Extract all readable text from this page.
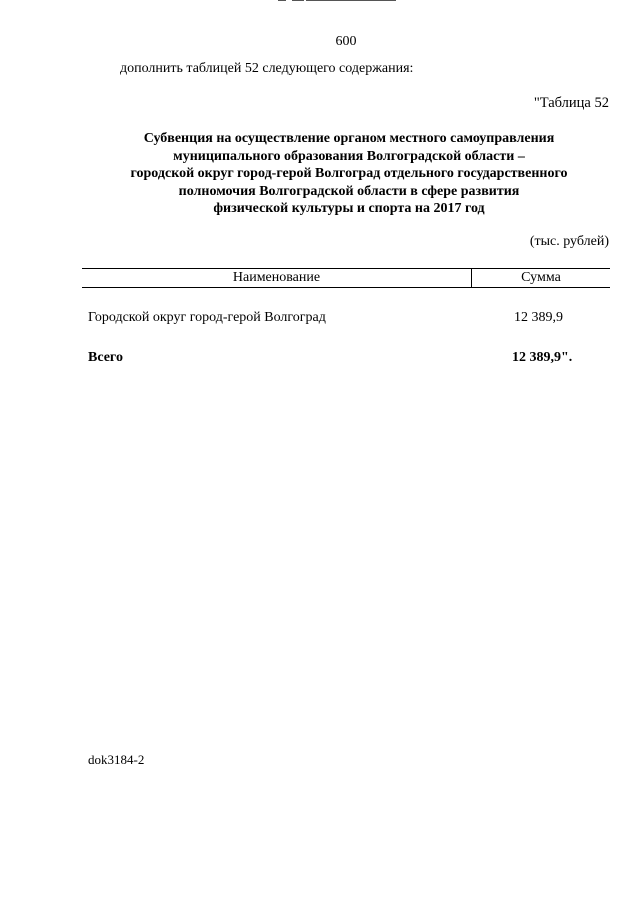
600
дополнить таблицей 52 следующего содержания:
"Таблица 52
Субвенция на осуществление органом местного самоуправления
муниципального образования Волгоградской области –
городской округ город-герой Волгоград отдельного государственного
полномочия Волгоградской области в сфере развития
физической культуры и спорта на 2017 год
(тыс. рублей)
Наименование	Сумма
Городской округ город-герой Волгоград	12 389,9
Всего	12 389,9".
dok3184-2
